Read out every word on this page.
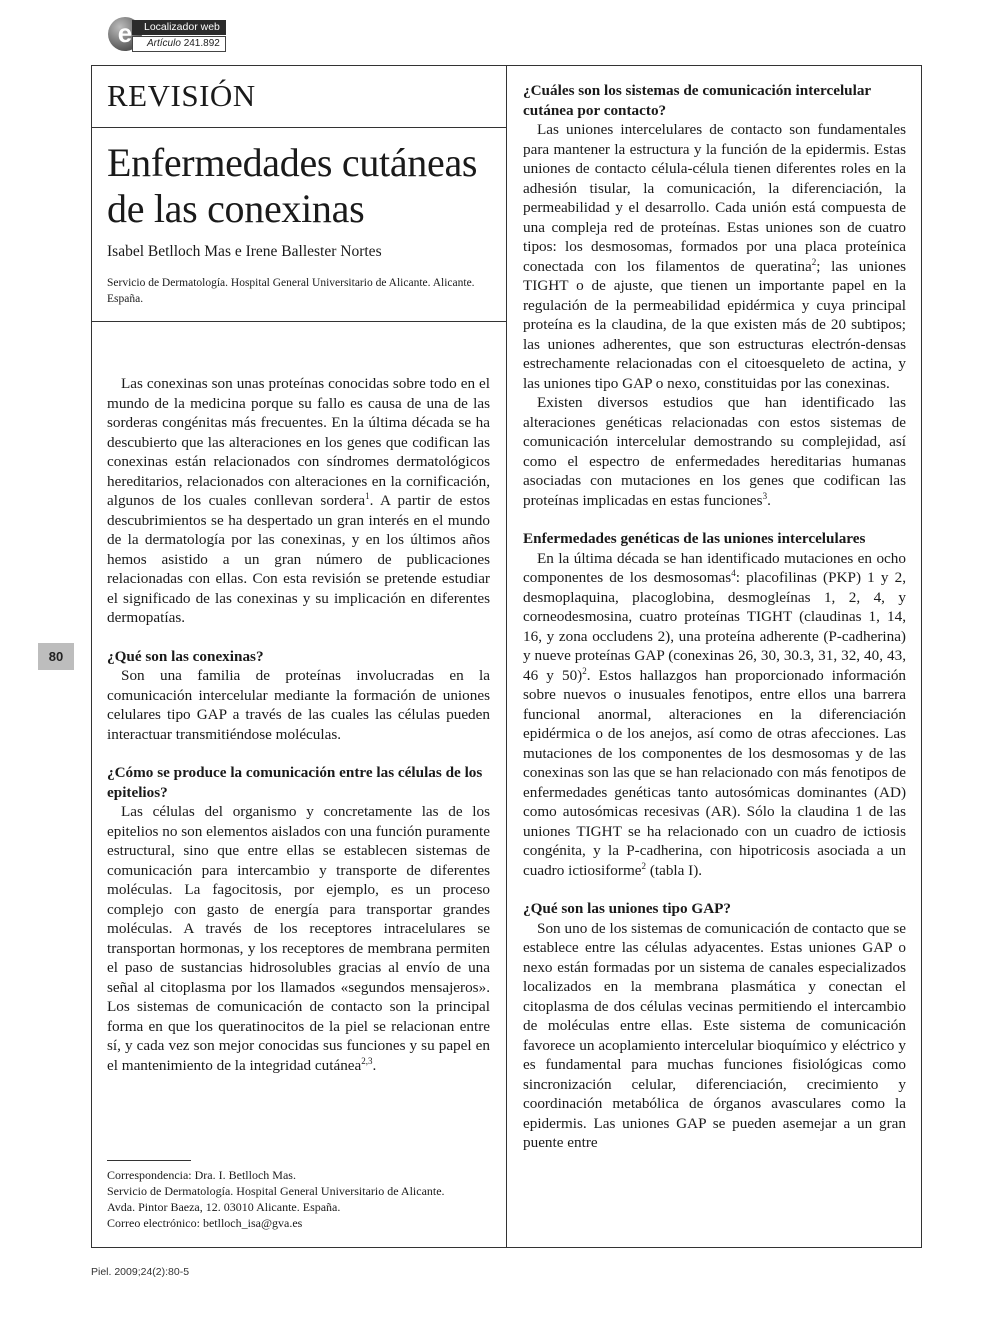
e	Localizador web
Artículo 241.892
REVISIÓN
Enfermedades cutáneas de las conexinas

Isabel Betlloch Mas e Irene Ballester Nortes

Servicio de Dermatología. Hospital General Universitario de Alicante. Alicante. España.

Las conexinas son unas proteínas conocidas sobre todo en el mundo de la medicina porque su fallo es causa de una de las sorderas congénitas más frecuentes. En la última década se ha descubierto que las alteraciones en los genes que codifican las conexinas están relacionados con síndromes dermatológicos hereditarios, relacionados con alteraciones en la cornificación, algunos de los cuales conllevan sordera$^1$. A partir de estos descubrimientos se ha despertado un gran interés en el mundo de la dermatología por las conexinas, y en los últimos años hemos asistido a un gran número de publicaciones relacionadas con ellas. Con esta revisión se pretende estudiar el significado de las conexinas y su implicación en diferentes dermopatías.

¿Qué son las conexinas?

Son una familia de proteínas involucradas en la comunicación intercelular mediante la formación de uniones celulares tipo GAP a través de las cuales las células pueden interactuar transmitiéndose moléculas.

¿Cómo se produce la comunicación entre las células de los epitelios?

Las células del organismo y concretamente las de los epitelios no son elementos aislados con una función puramente estructural, sino que entre ellas se establecen sistemas de comunicación para intercambio y transporte de diferentes moléculas. La fagocitosis, por ejemplo, es un proceso complejo con gasto de energía para transportar grandes moléculas. A través de los receptores intracelulares se transportan hormonas, y los receptores de membrana permiten el paso de sustancias hidrosolubles gracias al envío de una señal al citoplasma por los llamados «segundos mensajeros». Los sistemas de comunicación de contacto son la principal forma en que los queratinocitos de la piel se relacionan entre sí, y cada vez son mejor conocidas sus funciones y su papel en el mantenimiento de la integridad cutánea$^{2,3}$.

80
Correspondencia: Dra. I. Betlloch Mas.
Servicio de Dermatología. Hospital General Universitario de Alicante.
Avda. Pintor Baeza, 12. 03010 Alicante. España.
Correo electrónico: betlloch_isa@gva.es
¿Cuáles son los sistemas de comunicación intercelular cutánea por contacto?

Las uniones intercelulares de contacto son fundamentales para mantener la estructura y la función de la epidermis. Estas uniones de contacto célula-célula tienen diferentes roles en la adhesión tisular, la comunicación, la diferenciación, la permeabilidad y el desarrollo. Cada unión está compuesta de una compleja red de proteínas. Estas uniones son de cuatro tipos: los desmosomas, formados por una placa proteínica conectada con los filamentos de queratina$^2$; las uniones TIGHT o de ajuste, que tienen un importante papel en la regulación de la permeabilidad epidérmica y cuya principal proteína es la claudina, de la que existen más de 20 subtipos; las uniones adherentes, que son estructuras electrón-densas estrechamente relacionadas con el citoesqueleto de actina, y las uniones tipo GAP o nexo, constituidas por las conexinas.

Existen diversos estudios que han identificado las alteraciones genéticas relacionadas con estos sistemas de comunicación intercelular demostrando su complejidad, así como el espectro de enfermedades hereditarias humanas asociadas con mutaciones en los genes que codifican las proteínas implicadas en estas funciones$^3$.

Enfermedades genéticas de las uniones intercelulares

En la última década se han identificado mutaciones en ocho componentes de los desmosomas$^4$: placofilinas (PKP) 1 y 2, desmoplaquina, placoglobina, desmogleínas 1, 2, 4, y corneodesmosina, cuatro proteínas TIGHT (claudinas 1, 14, 16, y zona occludens 2), una proteína adherente (P-cadherina) y nueve proteínas GAP (conexinas 26, 30, 30.3, 31, 32, 40, 43, 46 y 50)$^2$. Estos hallazgos han proporcionado información sobre nuevos o inusuales fenotipos, entre ellos una barrera funcional anormal, alteraciones en la diferenciación epidérmica o de los anejos, así como de otras afecciones. Las mutaciones de los componentes de los desmosomas y de las conexinas son las que se han relacionado con más fenotipos de enfermedades genéticas tanto autosómicas dominantes (AD) como autosómicas recesivas (AR). Sólo la claudina 1 de las uniones TIGHT se ha relacionado con un cuadro de ictiosis congénita, y la P-cadherina, con hipotricosis asociada a un cuadro ictiosiforme$^2$ (tabla I).

¿Qué son las uniones tipo GAP?

Son uno de los sistemas de comunicación de contacto que se establece entre las células adyacentes. Estas uniones GAP o nexo están formadas por un sistema de canales especializados localizados en la membrana plasmática y conectan el citoplasma de dos células vecinas permitiendo el intercambio de moléculas entre ellas. Este sistema de comunicación favorece un acoplamiento intercelular bioquímico y eléctrico y es fundamental para muchas funciones fisiológicas como sincronización celular, diferenciación, crecimiento y coordinación metabólica de órganos avasculares como la epidermis. Las uniones GAP se pueden asemejar a un gran puente entre

Piel. 2009;24(2):80-5
